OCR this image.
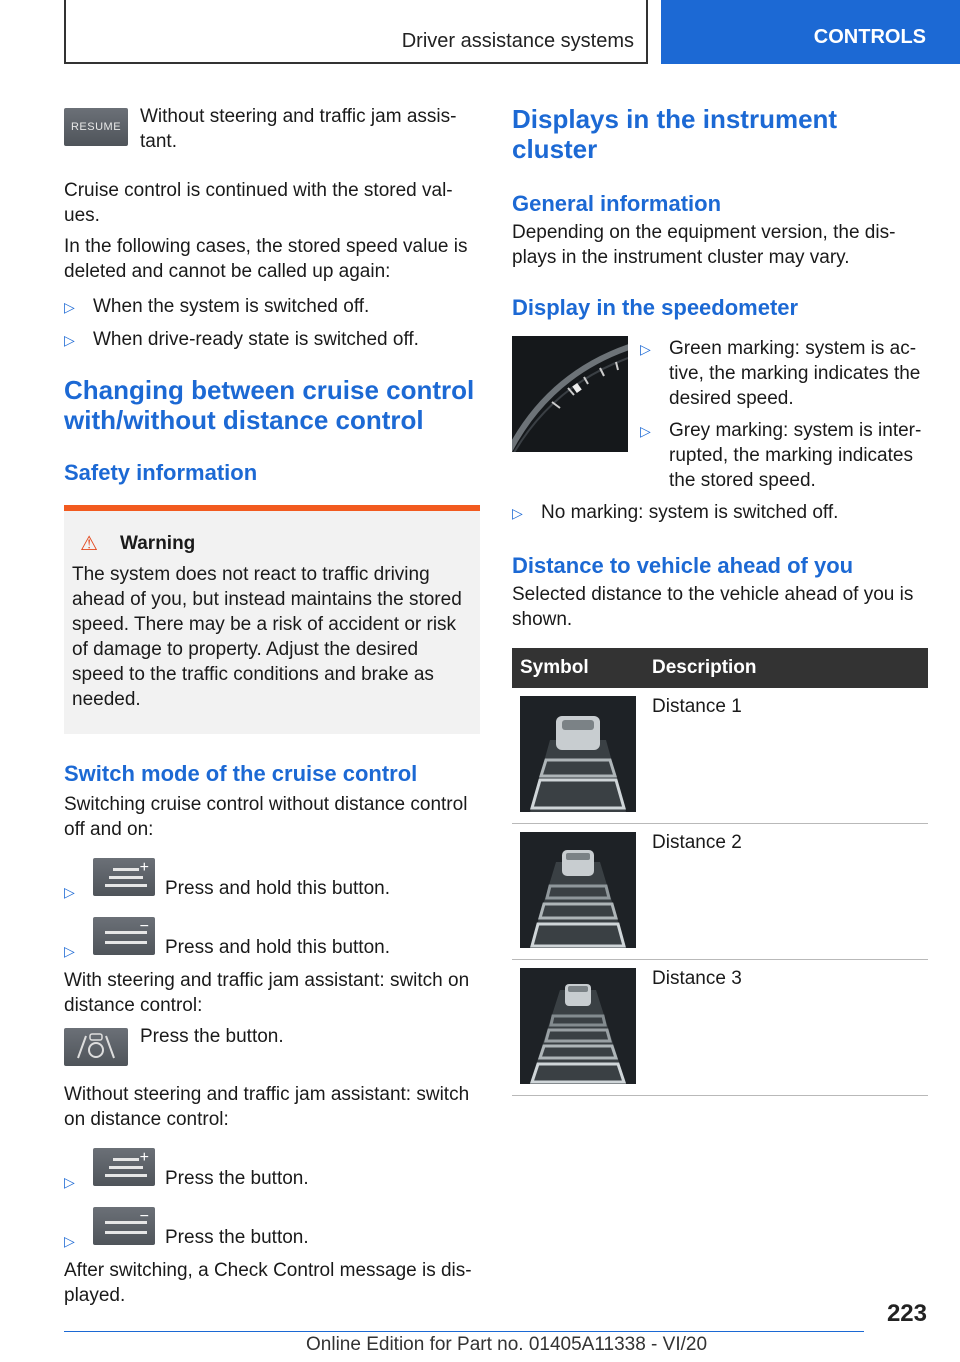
Driver assistance systems	CONTROLS
RESUME Without steering and traffic jam assis-tant.

Cruise control is continued with the stored val-ues.

In the following cases, the stored speed value is deleted and cannot be called up again:

▷ When the system is switched off.
▷ When drive-ready state is switched off.
Changing between cruise control with/without distance control
Safety information
⚠	Warning

The system does not react to traffic driving ahead of you, but instead maintains the stored speed. There may be a risk of accident or risk of damage to property. Adjust the desired speed to the traffic conditions and brake as needed.

Switch mode of the cruise control

Switching cruise control without distance control off and on:

▷
+
Press and hold this button.
▷
−
Press and hold this button.

With steering and traffic jam assistant: switch on distance control:

Press the button.

Without steering and traffic jam assistant: switch on distance control:

▷
+
Press the button.
▷
−
Press the button.

After switching, a Check Control message is dis-played.

Displays in the instrument cluster
General information

Depending on the equipment version, the dis-plays in the instrument cluster may vary.

Display in the speedometer
▷ Green marking: system is ac-tive, the marking indicates the desired speed.
▷ Grey marking: system is inter-rupted, the marking indicates the stored speed.
▷ No marking: system is switched off.
Distance to vehicle ahead of you

Selected distance to the vehicle ahead of you is shown.

Symbol	Description

	Distance 1

	Distance 2

	Distance 3
223
Online Edition for Part no. 01405A11338 - VI/20
